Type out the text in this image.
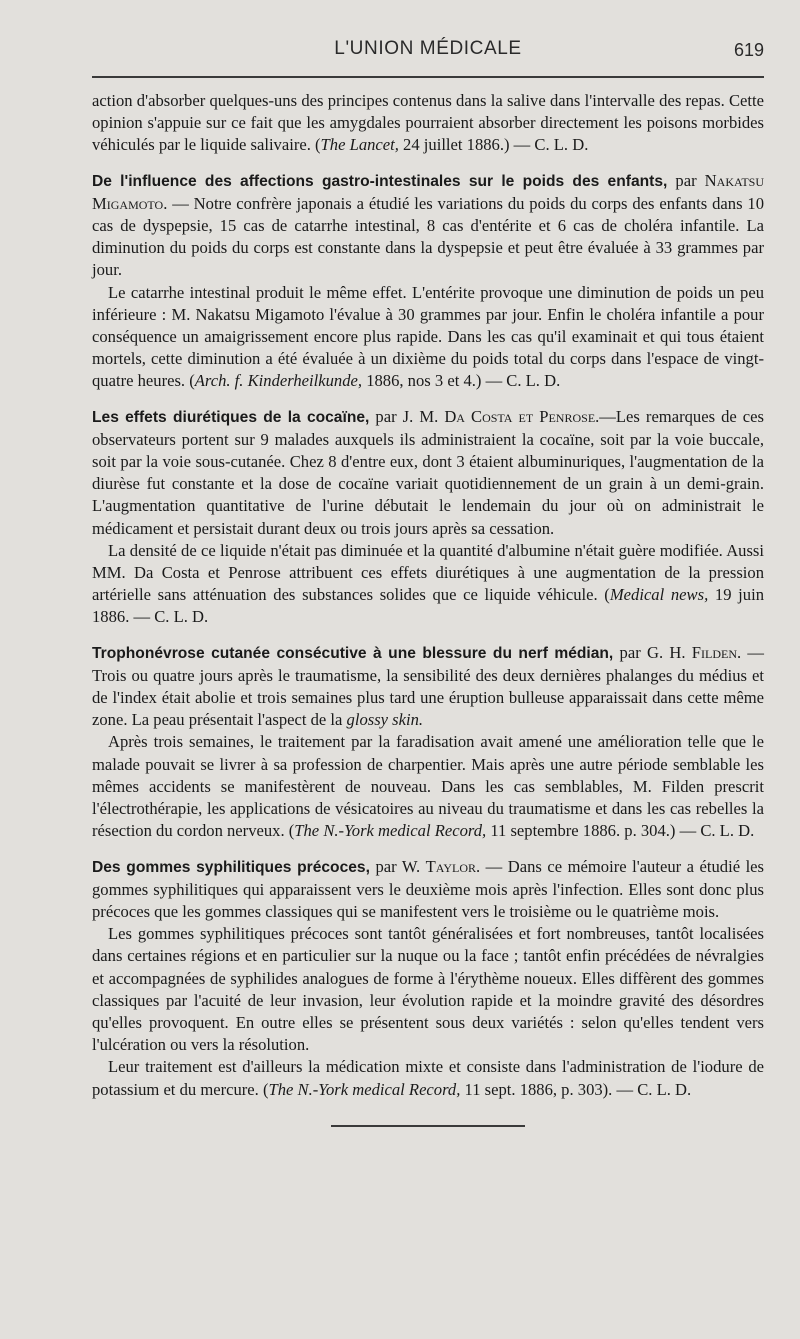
L'UNION MÉDICALE	619

action d'absorber quelques-uns des principes contenus dans la salive dans l'intervalle des repas. Cette opinion s'appuie sur ce fait que les amygdales pourraient absorber directement les poisons morbides véhiculés par le liquide salivaire. (The Lancet, 24 juillet 1886.) — C. L. D.

De l'influence des affections gastro-intestinales sur le poids des enfants, par Nakatsu Migamoto. — Notre confrère japonais a étudié les variations du poids du corps des enfants dans 10 cas de dyspepsie, 15 cas de catarrhe intestinal, 8 cas d'entérite et 6 cas de choléra infantile. La diminution du poids du corps est constante dans la dyspepsie et peut être évaluée à 33 grammes par jour.

Le catarrhe intestinal produit le même effet. L'entérite provoque une diminution de poids un peu inférieure : M. Nakatsu Migamoto l'évalue à 30 grammes par jour. Enfin le choléra infantile a pour conséquence un amaigrissement encore plus rapide. Dans les cas qu'il examinait et qui tous étaient mortels, cette diminution a été évaluée à un dixième du poids total du corps dans l'espace de vingt-quatre heures. (Arch. f. Kinderheilkunde, 1886, nos 3 et 4.) — C. L. D.

Les effets diurétiques de la cocaïne, par J. M. Da Costa et Penrose.—Les remarques de ces observateurs portent sur 9 malades auxquels ils administraient la cocaïne, soit par la voie buccale, soit par la voie sous-cutanée. Chez 8 d'entre eux, dont 3 étaient albuminuriques, l'augmentation de la diurèse fut constante et la dose de cocaïne variait quotidiennement de un grain à un demi-grain. L'augmentation quantitative de l'urine débutait le lendemain du jour où on administrait le médicament et persistait durant deux ou trois jours après sa cessation.

La densité de ce liquide n'était pas diminuée et la quantité d'albumine n'était guère modifiée. Aussi MM. Da Costa et Penrose attribuent ces effets diurétiques à une augmentation de la pression artérielle sans atténuation des substances solides que ce liquide véhicule. (Medical news, 19 juin 1886. — C. L. D.

Trophonévrose cutanée consécutive à une blessure du nerf médian, par G. H. Filden. — Trois ou quatre jours après le traumatisme, la sensibilité des deux dernières phalanges du médius et de l'index était abolie et trois semaines plus tard une éruption bulleuse apparaissait dans cette même zone. La peau présentait l'aspect de la glossy skin.

Après trois semaines, le traitement par la faradisation avait amené une amélioration telle que le malade pouvait se livrer à sa profession de charpentier. Mais après une autre période semblable les mêmes accidents se manifestèrent de nouveau. Dans les cas semblables, M. Filden prescrit l'électrothérapie, les applications de vésicatoires au niveau du traumatisme et dans les cas rebelles la résection du cordon nerveux. (The N.-York medical Record, 11 septembre 1886. p. 304.) — C. L. D.

Des gommes syphilitiques précoces, par W. Taylor. — Dans ce mémoire l'auteur a étudié les gommes syphilitiques qui apparaissent vers le deuxième mois après l'infection. Elles sont donc plus précoces que les gommes classiques qui se manifestent vers le troisième ou le quatrième mois.

Les gommes syphilitiques précoces sont tantôt généralisées et fort nombreuses, tantôt localisées dans certaines régions et en particulier sur la nuque ou la face ; tantôt enfin précédées de névralgies et accompagnées de syphilides analogues de forme à l'érythème noueux. Elles diffèrent des gommes classiques par l'acuité de leur invasion, leur évolution rapide et la moindre gravité des désordres qu'elles provoquent. En outre elles se présentent sous deux variétés : selon qu'elles tendent vers l'ulcération ou vers la résolution.

Leur traitement est d'ailleurs la médication mixte et consiste dans l'administration de l'iodure de potassium et du mercure. (The N.-York medical Record, 11 sept. 1886, p. 303). — C. L. D.
